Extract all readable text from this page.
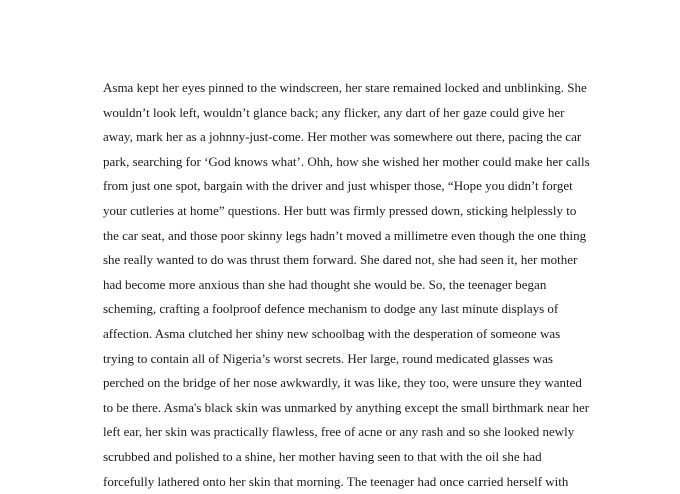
Asma kept her eyes pinned to the windscreen, her stare remained locked and unblinking. She
wouldn’t look left, wouldn’t glance back; any flicker, any dart of her gaze could give her
away, mark her as a johnny-just-come. Her mother was somewhere out there, pacing the car
park, searching for ‘God knows what’. Ohh, how she wished her mother could make her calls
from just one spot, bargain with the driver and just whisper those, “Hope you didn’t forget
your cutleries at home” questions. Her butt was firmly pressed down, sticking helplessly to
the car seat, and those poor skinny legs hadn’t moved a millimetre even though the one thing
she really wanted to do was thrust them forward. She dared not, she had seen it, her mother
had become more anxious than she had thought she would be. So, the teenager began
scheming, crafting a foolproof defence mechanism to dodge any last minute displays of
affection. Asma clutched her shiny new schoolbag with the desperation of someone was
trying to contain all of Nigeria’s worst secrets. Her large, round medicated glasses was
perched on the bridge of her nose awkwardly, it was like, they too, were unsure they wanted
to be there. Asma's black skin was unmarked by anything except the small birthmark near her
left ear, her skin was practically flawless, free of acne or any rash and so she looked newly
scrubbed and polished to a shine, her mother having seen to that with the oil she had
forcefully lathered onto her skin that morning. The teenager had once carried herself with
